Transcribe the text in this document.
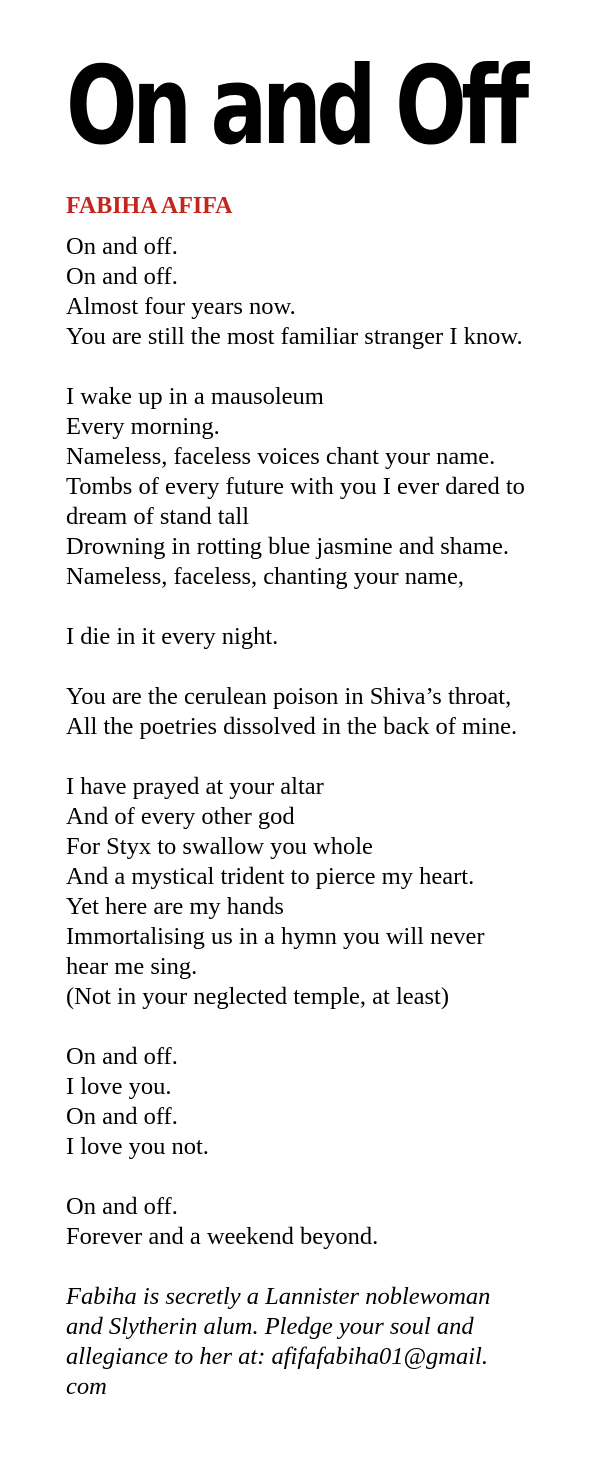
On and Off
FABIHA AFIFA

On and off.
On and off.
Almost four years now.
You are still the most familiar stranger I know.

I wake up in a mausoleum
Every morning.
Nameless, faceless voices chant your name.
Tombs of every future with you I ever dared to
dream of stand tall
Drowning in rotting blue jasmine and shame.
Nameless, faceless, chanting your name,

I die in it every night.

You are the cerulean poison in Shiva’s throat,
All the poetries dissolved in the back of mine.

I have prayed at your altar
And of every other god
For Styx to swallow you whole
And a mystical trident to pierce my heart.
Yet here are my hands
Immortalising us in a hymn you will never
hear me sing.
(Not in your neglected temple, at least)

On and off.
I love you.
On and off.
I love you not.

On and off.
Forever and a weekend beyond.

Fabiha is secretly a Lannister noblewoman
and Slytherin alum. Pledge your soul and
allegiance to her at: afifafabiha01@gmail.
com
